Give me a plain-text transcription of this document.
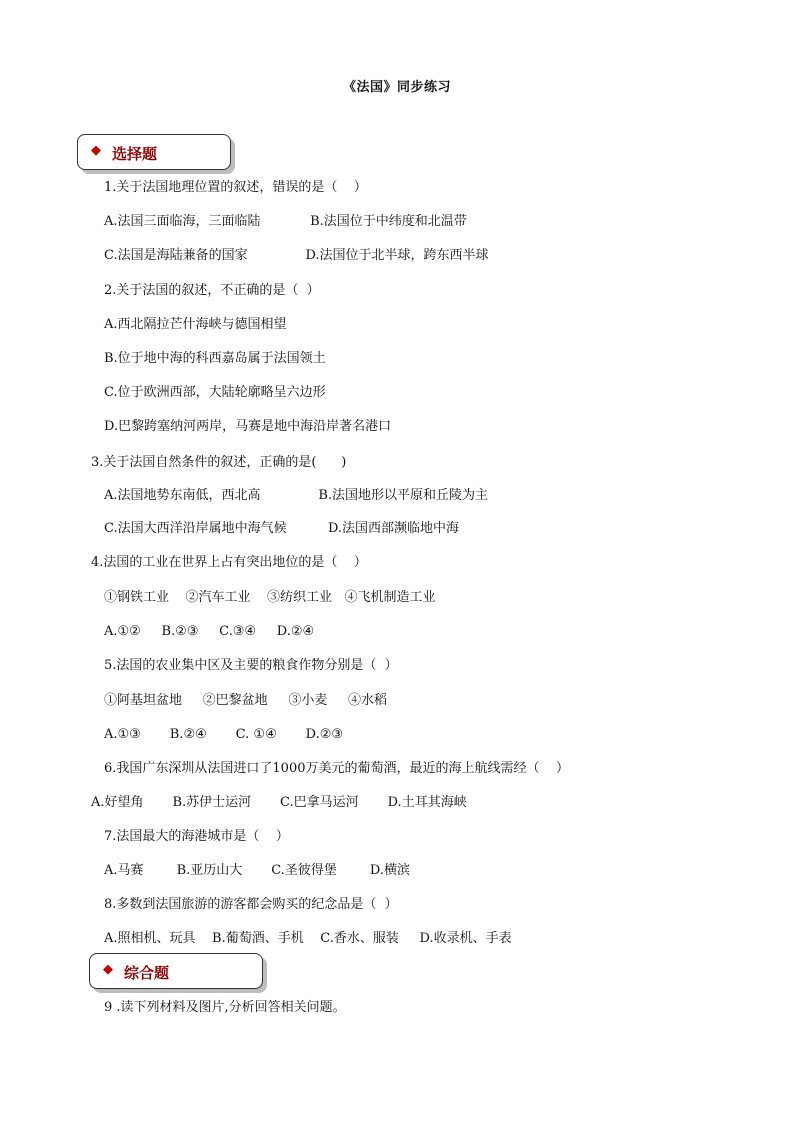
《法国》同步练习
◆ 选择题
1.关于法国地理位置的叙述，错误的是（    ）
A.法国三面临海，三面临陆            B.法国位于中纬度和北温带
C.法国是海陆兼备的国家              D.法国位于北半球，跨东西半球
2.关于法国的叙述，不正确的是（  ）
A.西北隔拉芒什海峡与德国相望
B.位于地中海的科西嘉岛属于法国领土
C.位于欧洲西部，大陆轮廓略呈六边形
D.巴黎跨塞纳河两岸，马赛是地中海沿岸著名港口
3.关于法国自然条件的叙述，正确的是(      )
A.法国地势东南低，西北高              B.法国地形以平原和丘陵为主
C.法国大西洋沿岸属地中海气候          D.法国西部濒临地中海
4.法国的工业在世界上占有突出地位的是（    ）
①钢铁工业    ②汽车工业    ③纺织工业   ④飞机制造工业
A.①②     B.②③     C.③④     D.②④
5.法国的农业集中区及主要的粮食作物分别是（  ）
①阿基坦盆地     ②巴黎盆地     ③小麦     ④水稻
A.①③       B.②④       C. ①④       D.②③
6.我国广东深圳从法国进口了1000万美元的葡萄酒，最近的海上航线需经（    ）
A.好望角       B.苏伊士运河       C.巴拿马运河       D.土耳其海峡
7.法国最大的海港城市是（    ）
A.马赛        B.亚历山大       C.圣彼得堡        D.横滨
8.多数到法国旅游的游客都会购买的纪念品是（  ）
A.照相机、玩具    B.葡萄酒、手机    C.香水、服装     D.收录机、手表
◆ 综合题
9 .读下列材料及图片,分析回答相关问题。
